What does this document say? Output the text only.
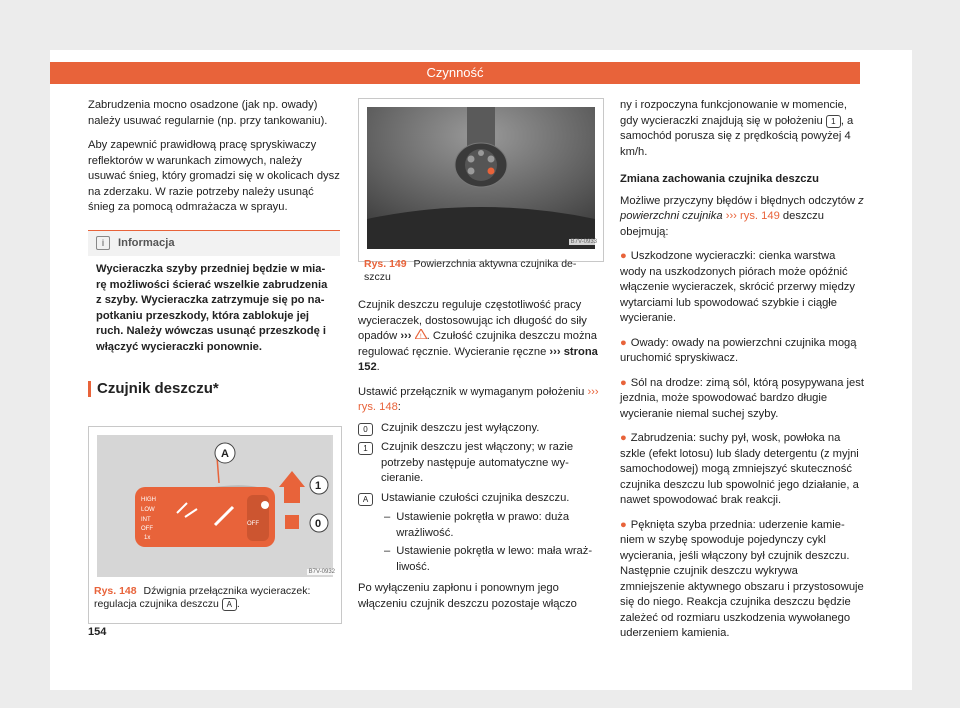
Czynność

Zabrudzenia mocno osadzone (jak np. owady) należy usuwać regularnie (np. przy tankowaniu).

Aby zapewnić prawidłową pracę spryskiwaczy reflektorów w warunkach zimowych, należy usuwać śnieg, który gromadzi się w okolicach dysz na zderzaku. W razie potrzeby należy usunąć śnieg za pomocą odmrażacza w sprayu.

i	Informacja
Wycieraczka szyby przedniej będzie w miarę możliwości ścierać wszelkie zabrudzenia z szyby. Wycieraczka zatrzymuje się po napotkaniu przeszkody, która zablokuje jej ruch. Należy wówczas usunąć przeszkodę i włączyć wycieraczki ponownie.
Czujnik deszczu*
HIGH
LOW
INT
OFF
1x
OFF
A
1
0
B7V-0932
Rys. 148 Dźwignia przełącznika wycieraczek: regulacja czujnika deszczu A .
B7V-0933
Rys. 149 Powierzchnia aktywna czujnika deszczu

Czujnik deszczu reguluje częstotliwość pracy wycieraczek, dostosowując ich długość do siły opadów ››› ! . Czułość czujnika deszczu można regulować ręcznie. Wycieranie ręczne ››› strona 152.

Ustawić przełącznik w wymaganym położeniu ››› rys. 148:

0	Czujnik deszczu jest wyłączony.
1	Czujnik deszczu jest włączony; w razie potrzeby następuje automatyczne wycieranie.
A	Ustawianie czułości czujnika deszczu.
– Ustawienie pokrętła w prawo: duża wrażliwość.
– Ustawienie pokrętła w lewo: mała wrażliwość.

Po wyłączeniu zapłonu i ponownym jego włączeniu czujnik deszczu pozostaje włączo

ny i rozpoczyna funkcjonowanie w momencie, gdy wycieraczki znajdują się w położeniu 1 , a samochód porusza się z prędkością powyżej 4 km/h.

Zmiana zachowania czujnika deszczu

Możliwe przyczyny błędów i błędnych odczytów z powierzchni czujnika ››› rys. 149 deszczu obejmują:

● Uszkodzone wycieraczki: cienka warstwa wody na uszkodzonych piórach może opóźnić włączenie wycieraczek, skrócić przerwy między wytarciami lub spowodować szybkie i ciągłe wycieranie.

● Owady: owady na powierzchni czujnika mogą uruchomić spryskiwacz.

● Sól na drodze: zimą sól, którą posypywana jest jezdnia, może spowodować bardzo długie wycieranie niemal suchej szyby.

● Zabrudzenia: suchy pył, wosk, powłoka na szkle (efekt lotosu) lub ślady detergentu (z myjni samochodowej) mogą zmniejszyć skuteczność czujnika deszczu lub spowolnić jego działanie, a nawet spowodować brak reakcji.

● Pęknięta szyba przednia: uderzenie kamieniem w szybę spowoduje pojedynczy cykl wycierania, jeśli włączony był czujnik deszczu. Następnie czujnik deszczu wykrywa zmniejszenie aktywnego obszaru i przystosowuje się do niego. Reakcja czujnika deszczu będzie zależeć od rozmiaru uszkodzenia wywołanego uderzeniem kamienia.

154
